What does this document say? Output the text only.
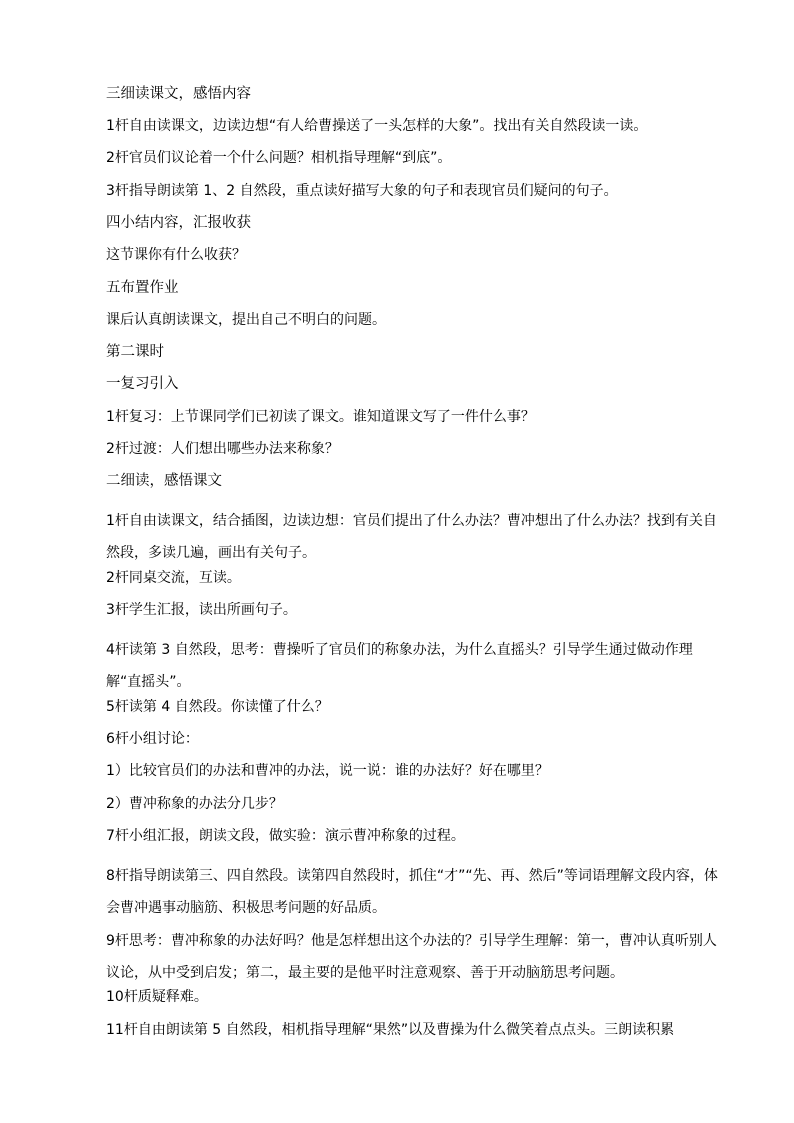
三细读课文，感悟内容

1杆自由读课文，边读边想“有人给曹操送了一头怎样的大象”。找出有关自然段读一读。

2杆官员们议论着一个什么问题？相机指导理解“到底”。

3杆指导朗读第 1、2 自然段，重点读好描写大象的句子和表现官员们疑问的句子。

四小结内容，汇报收获

这节课你有什么收获？

五布置作业

课后认真朗读课文，提出自己不明白的问题。

第二课时

一复习引入

1杆复习：上节课同学们已初读了课文。谁知道课文写了一件什么事？

2杆过渡：人们想出哪些办法来称象？

二细读，感悟课文

1杆自由读课文，结合插图，边读边想：官员们提出了什么办法？曹冲想出了什么办法？找到有关自然段，多读几遍，画出有关句子。

2杆同桌交流，互读。

3杆学生汇报，读出所画句子。

4杆读第 3 自然段，思考：曹操听了官员们的称象办法，为什么直摇头？引导学生通过做动作理解“直摇头”。

5杆读第 4 自然段。你读懂了什么？

6杆小组讨论：

1）比较官员们的办法和曹冲的办法，说一说：谁的办法好？好在哪里？

2）曹冲称象的办法分几步？

7杆小组汇报，朗读文段，做实验：演示曹冲称象的过程。

8杆指导朗读第三、四自然段。读第四自然段时，抓住“才”“先、再、然后”等词语理解文段内容，体会曹冲遇事动脑筋、积极思考问题的好品质。

9杆思考：曹冲称象的办法好吗？他是怎样想出这个办法的？引导学生理解：第一，曹冲认真听别人议论，从中受到启发；第二，最主要的是他平时注意观察、善于开动脑筋思考问题。

10杆质疑释难。

11杆自由朗读第 5 自然段，相机指导理解“果然”以及曹操为什么微笑着点点头。三朗读积累
